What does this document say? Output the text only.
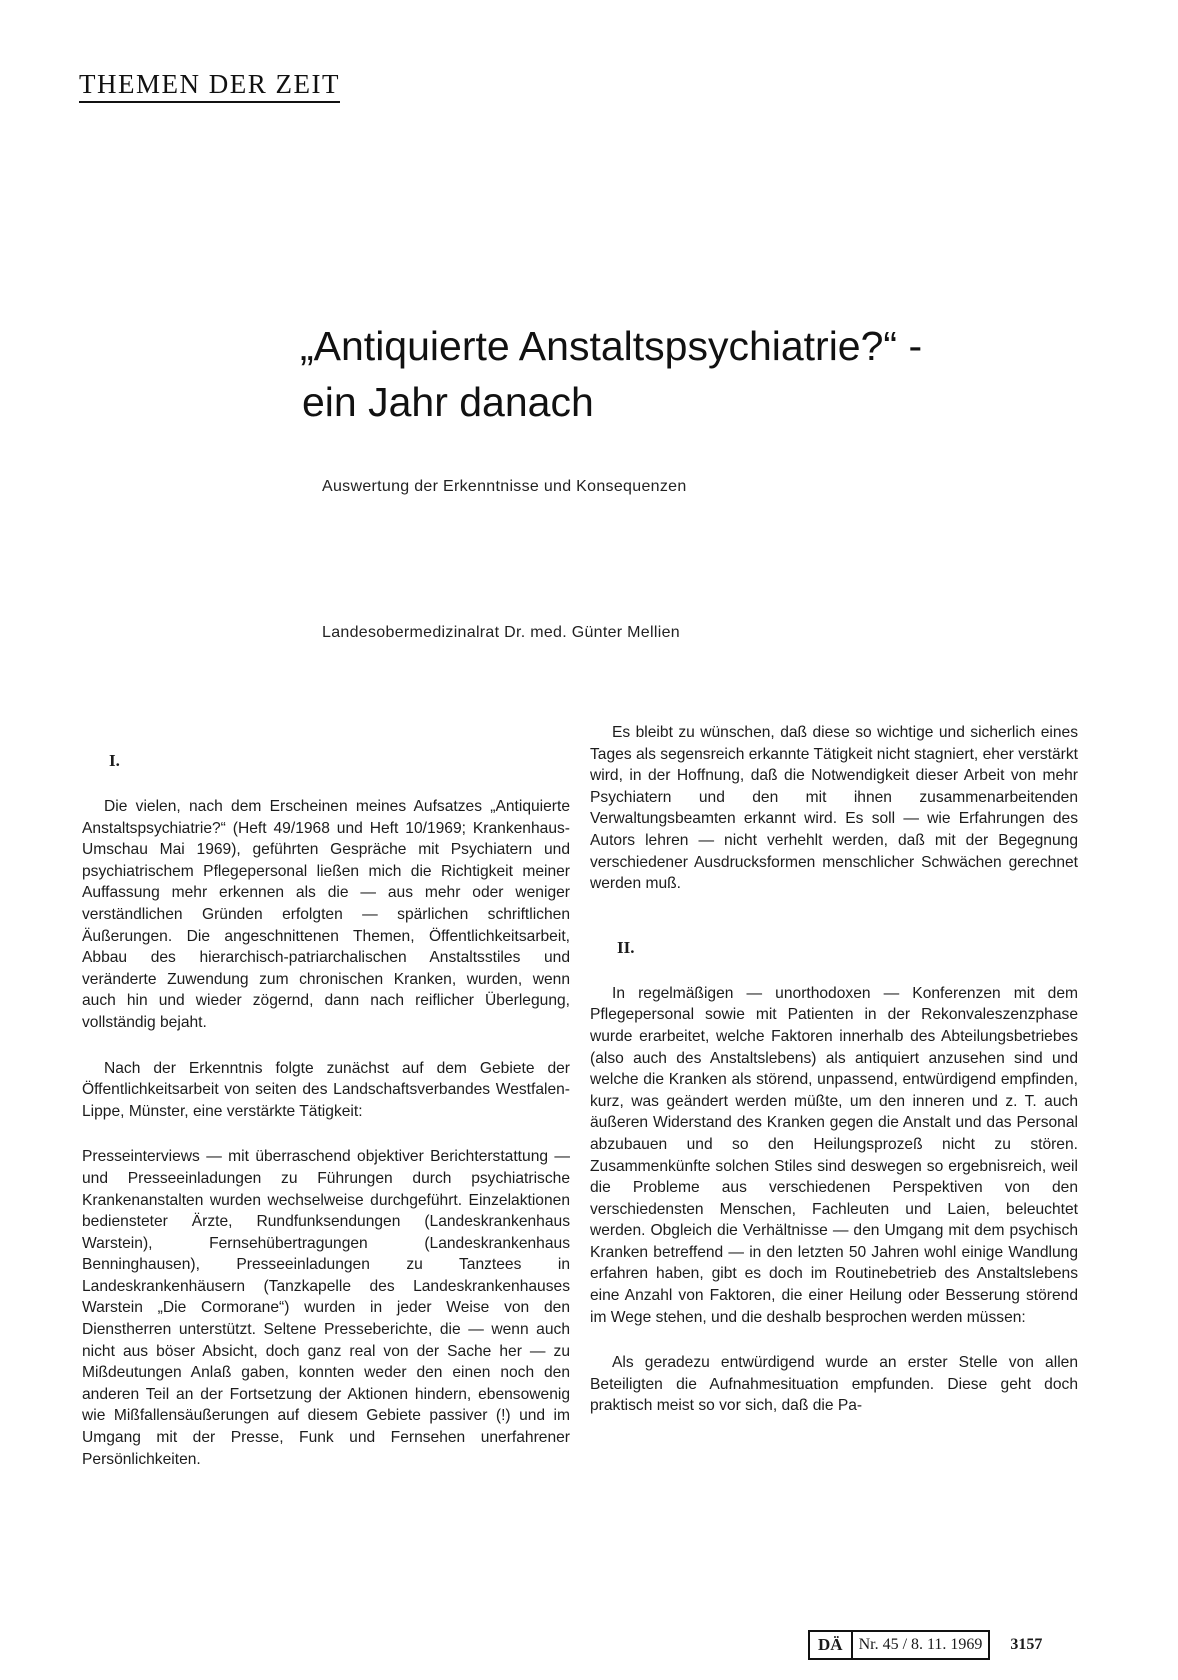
THEMEN DER ZEIT
„Antiquierte Anstaltspsychiatrie?“ -
ein Jahr danach
Auswertung der Erkenntnisse und Konsequenzen
Landesobermedizinalrat Dr. med. Günter Mellien
I.

Die vielen, nach dem Erscheinen meines Aufsatzes „Antiquierte Anstaltspsychiatrie?“ (Heft 49/1968 und Heft 10/1969; Krankenhaus-Umschau Mai 1969), geführten Gespräche mit Psychiatern und psychiatrischem Pflegepersonal ließen mich die Richtigkeit meiner Auffassung mehr erkennen als die — aus mehr oder weniger verständlichen Gründen erfolgten — spärlichen schriftlichen Äußerungen. Die angeschnittenen Themen, Öffentlichkeitsarbeit, Abbau des hierarchisch-patriarchalischen Anstaltsstiles und veränderte Zuwendung zum chronischen Kranken, wurden, wenn auch hin und wieder zögernd, dann nach reiflicher Überlegung, vollständig bejaht.

Nach der Erkenntnis folgte zunächst auf dem Gebiete der Öffentlichkeitsarbeit von seiten des Landschaftsverbandes Westfalen-Lippe, Münster, eine verstärkte Tätigkeit:

Presseinterviews — mit überraschend objektiver Berichterstattung — und Presseeinladungen zu Führungen durch psychiatrische Krankenanstalten wurden wechselweise durchgeführt. Einzelaktionen bediensteter Ärzte, Rundfunksendungen (Landeskrankenhaus Warstein), Fernsehübertragungen (Landeskrankenhaus Benninghausen), Presseeinladungen zu Tanztees in Landeskrankenhäusern (Tanzkapelle des Landeskrankenhauses Warstein „Die Cormorane“) wurden in jeder Weise von den Dienstherren unterstützt. Seltene Presseberichte, die — wenn auch nicht aus böser Absicht, doch ganz real von der Sache her — zu Mißdeutungen Anlaß gaben, konnten weder den einen noch den anderen Teil an der Fortsetzung der Aktionen hindern, ebensowenig wie Mißfallensäußerungen auf diesem Gebiete passiver (!) und im Umgang mit der Presse, Funk und Fernsehen unerfahrener Persönlichkeiten.

Es bleibt zu wünschen, daß diese so wichtige und sicherlich eines Tages als segensreich erkannte Tätigkeit nicht stagniert, eher verstärkt wird, in der Hoffnung, daß die Notwendigkeit dieser Arbeit von mehr Psychiatern und den mit ihnen zusammenarbeitenden Verwaltungsbeamten erkannt wird. Es soll — wie Erfahrungen des Autors lehren — nicht verhehlt werden, daß mit der Begegnung verschiedener Ausdrucksformen menschlicher Schwächen gerechnet werden muß.

II.

In regelmäßigen — unorthodoxen — Konferenzen mit dem Pflegepersonal sowie mit Patienten in der Rekonvaleszenzphase wurde erarbeitet, welche Faktoren innerhalb des Abteilungsbetriebes (also auch des Anstaltslebens) als antiquiert anzusehen sind und welche die Kranken als störend, unpassend, entwürdigend empfinden, kurz, was geändert werden müßte, um den inneren und z. T. auch äußeren Widerstand des Kranken gegen die Anstalt und das Personal abzubauen und so den Heilungsprozeß nicht zu stören. Zusammenkünfte solchen Stiles sind deswegen so ergebnisreich, weil die Probleme aus verschiedenen Perspektiven von den verschiedensten Menschen, Fachleuten und Laien, beleuchtet werden. Obgleich die Verhältnisse — den Umgang mit dem psychisch Kranken betreffend — in den letzten 50 Jahren wohl einige Wandlung erfahren haben, gibt es doch im Routinebetrieb des Anstaltslebens eine Anzahl von Faktoren, die einer Heilung oder Besserung störend im Wege stehen, und die deshalb besprochen werden müssen:

Als geradezu entwürdigend wurde an erster Stelle von allen Beteiligten die Aufnahmesituation empfunden. Diese geht doch praktisch meist so vor sich, daß die Pa-

DÄ	Nr. 45 / 8. 11. 1969	3157
